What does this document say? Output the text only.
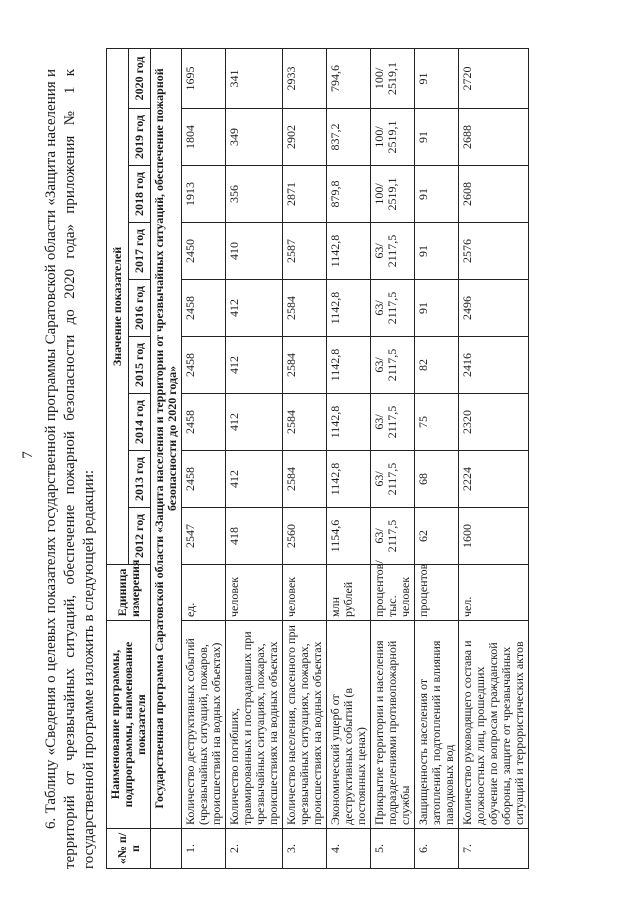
7 6. Таблицу «Сведения о целевых показателях государственной программы Саратовской области «Защита населения и территорий от чрезвычайных ситуаций, обеспечение пожарной безопасности до 2020 года» приложения № 1 к государственной программе изложить в следующей редакции: «№ п/п	Наименование программы, подпрограммы, наименование показателя	Единица измерения	Значение показателей								
			2012 год	2013 год	2014 год	2015 год	2016 год	2017 год	2018 год	2019 год	2020 год
	Государственная программа Саратовской области «Защита населения и территории от чрезвычайных ситуаций, обеспечение пожарной безопасности до 2020 года»										
1.	Количество деструктивных событий (чрезвычайных ситуаций, пожаров, происшествий на водных объектах)	ед.	2547	2458	2458	2458	2458	2450	1913	1804	1695
2.	Количество погибших, травмированных и пострадавших при чрезвычайных ситуациях, пожарах, происшествиях на водных объектах	человек	418	412	412	412	412	410	356	349	341
3.	Количество населения, спасенного при чрезвычайных ситуациях, пожарах, происшествиях на водных объектах	человек	2560	2584	2584	2584	2584	2587	2871	2902	2933
4.	Экономический ущерб от деструктивных событий (в постоянных ценах)	млн рублей	1154,6	1142,8	1142,8	1142,8	1142,8	1142,8	879,8	837,2	794,6
5.	Прикрытие территории и населения подразделениями противопожарной службы	процентов/ тыс. человек	63/ 2117,5	63/ 2117,5	63/ 2117,5	63/ 2117,5	63/ 2117,5	63/ 2117,5	100/ 2519,1	100/ 2519,1	100/ 2519,1
6.	Защищенность населения от затоплений, подтоплений и влияния паводковых вод	процентов	62	68	75	82	91	91	91	91	91
7.	Количество руководящего состава и должностных лиц, прошедших обучение по вопросам гражданской обороны, защите от чрезвычайных ситуаций и террористических актов	чел.	1600	2224	2320	2416	2496	2576	2608	2688	2720
